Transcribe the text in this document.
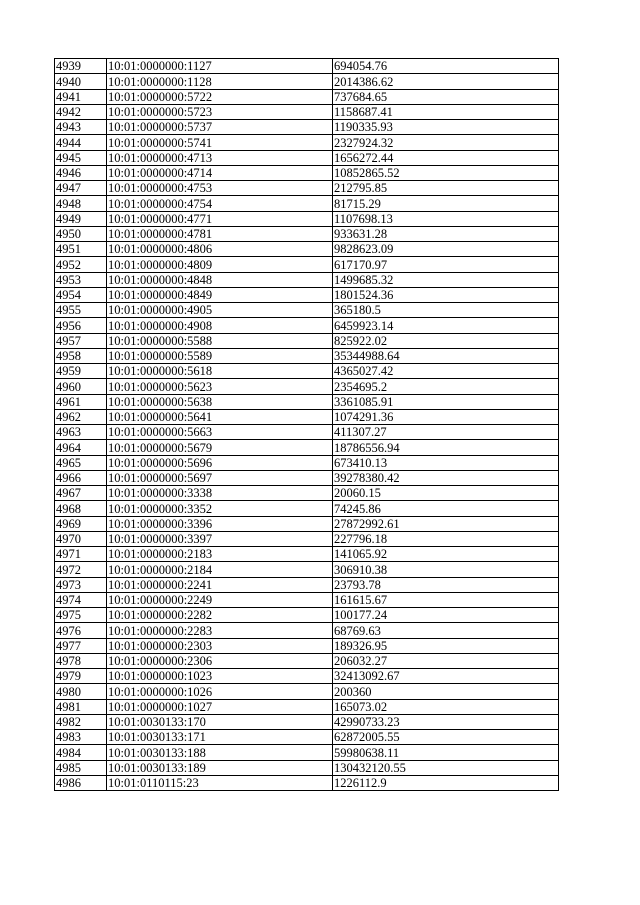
4939	10:01:0000000:1127	694054.76
4940	10:01:0000000:1128	2014386.62
4941	10:01:0000000:5722	737684.65
4942	10:01:0000000:5723	1158687.41
4943	10:01:0000000:5737	1190335.93
4944	10:01:0000000:5741	2327924.32
4945	10:01:0000000:4713	1656272.44
4946	10:01:0000000:4714	10852865.52
4947	10:01:0000000:4753	212795.85
4948	10:01:0000000:4754	81715.29
4949	10:01:0000000:4771	1107698.13
4950	10:01:0000000:4781	933631.28
4951	10:01:0000000:4806	9828623.09
4952	10:01:0000000:4809	617170.97
4953	10:01:0000000:4848	1499685.32
4954	10:01:0000000:4849	1801524.36
4955	10:01:0000000:4905	365180.5
4956	10:01:0000000:4908	6459923.14
4957	10:01:0000000:5588	825922.02
4958	10:01:0000000:5589	35344988.64
4959	10:01:0000000:5618	4365027.42
4960	10:01:0000000:5623	2354695.2
4961	10:01:0000000:5638	3361085.91
4962	10:01:0000000:5641	1074291.36
4963	10:01:0000000:5663	411307.27
4964	10:01:0000000:5679	18786556.94
4965	10:01:0000000:5696	673410.13
4966	10:01:0000000:5697	39278380.42
4967	10:01:0000000:3338	20060.15
4968	10:01:0000000:3352	74245.86
4969	10:01:0000000:3396	27872992.61
4970	10:01:0000000:3397	227796.18
4971	10:01:0000000:2183	141065.92
4972	10:01:0000000:2184	306910.38
4973	10:01:0000000:2241	23793.78
4974	10:01:0000000:2249	161615.67
4975	10:01:0000000:2282	100177.24
4976	10:01:0000000:2283	68769.63
4977	10:01:0000000:2303	189326.95
4978	10:01:0000000:2306	206032.27
4979	10:01:0000000:1023	32413092.67
4980	10:01:0000000:1026	200360
4981	10:01:0000000:1027	165073.02
4982	10:01:0030133:170	42990733.23
4983	10:01:0030133:171	62872005.55
4984	10:01:0030133:188	59980638.11
4985	10:01:0030133:189	130432120.55
4986	10:01:0110115:23	1226112.9
